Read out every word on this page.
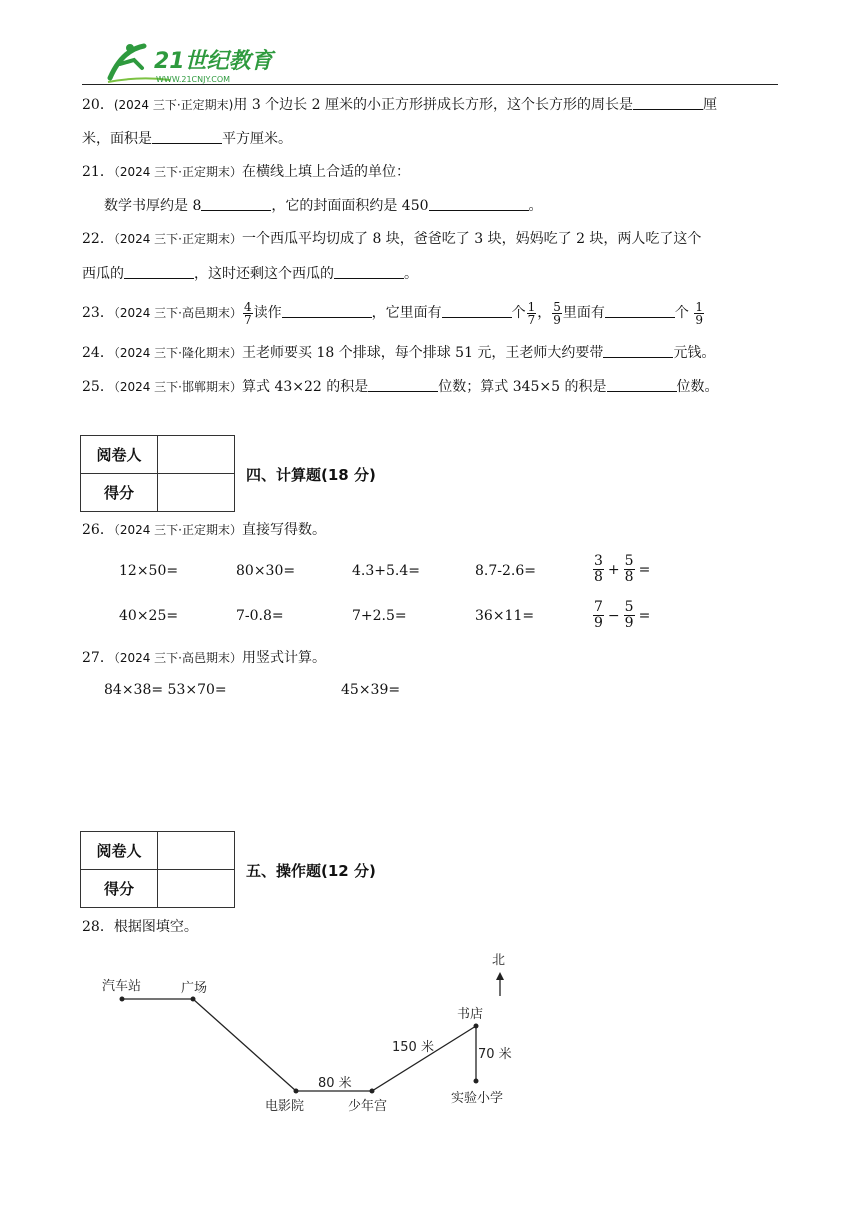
21世纪教育
WWW.21CNJY.COM
20．(2024 三下·正定期末)用 3 个边长 2 厘米的小正方形拼成长方形，这个长方形的周长是	厘
米，面积是	平方厘米。
21．（2024 三下·正定期末）在横线上填上合适的单位：
数学书厚约是 8	，它的封面面积约是 450	。
22．（2024 三下·正定期末）一个西瓜平均切成了 8 块，爸爸吃了 3 块，妈妈吃了 2 块，两人吃了这个
西瓜的	，这时还剩这个西瓜的	。
23．（2024 三下·高邑期末） $\frac{4}{7}$ 读作	，它里面有	个 $\frac{1}{7}$ ， $\frac{5}{9}$ 里面有	个 $\frac{1}{9}$
24．（2024 三下·隆化期末）王老师要买 18 个排球，每个排球 51 元，王老师大约要带	元钱。
25．（2024 三下·邯郸期末）算式 43×22 的积是	位数；算式 345×5 的积是	位数。
阅卷人	
得分	
四、计算题(18 分)
26．（2024 三下·正定期末）直接写得数。
12×50=	80×30=	4.3+5.4=	8.7-2.6=	$\frac{3}{8} + \frac{5}{8}$ =
40×25=	7-0.8=	7+2.5=	36×11=	$\frac{7}{9} - \frac{5}{9}$ =
27．（2024 三下·高邑期末）用竖式计算。
84×38= 53×70=	45×39=
阅卷人	
得分	
五、操作题(12 分)
28．根据图填空。
北
汽车站	广场
电影院	少年宫
书店
实验小学
80 米
150 米	70 米
